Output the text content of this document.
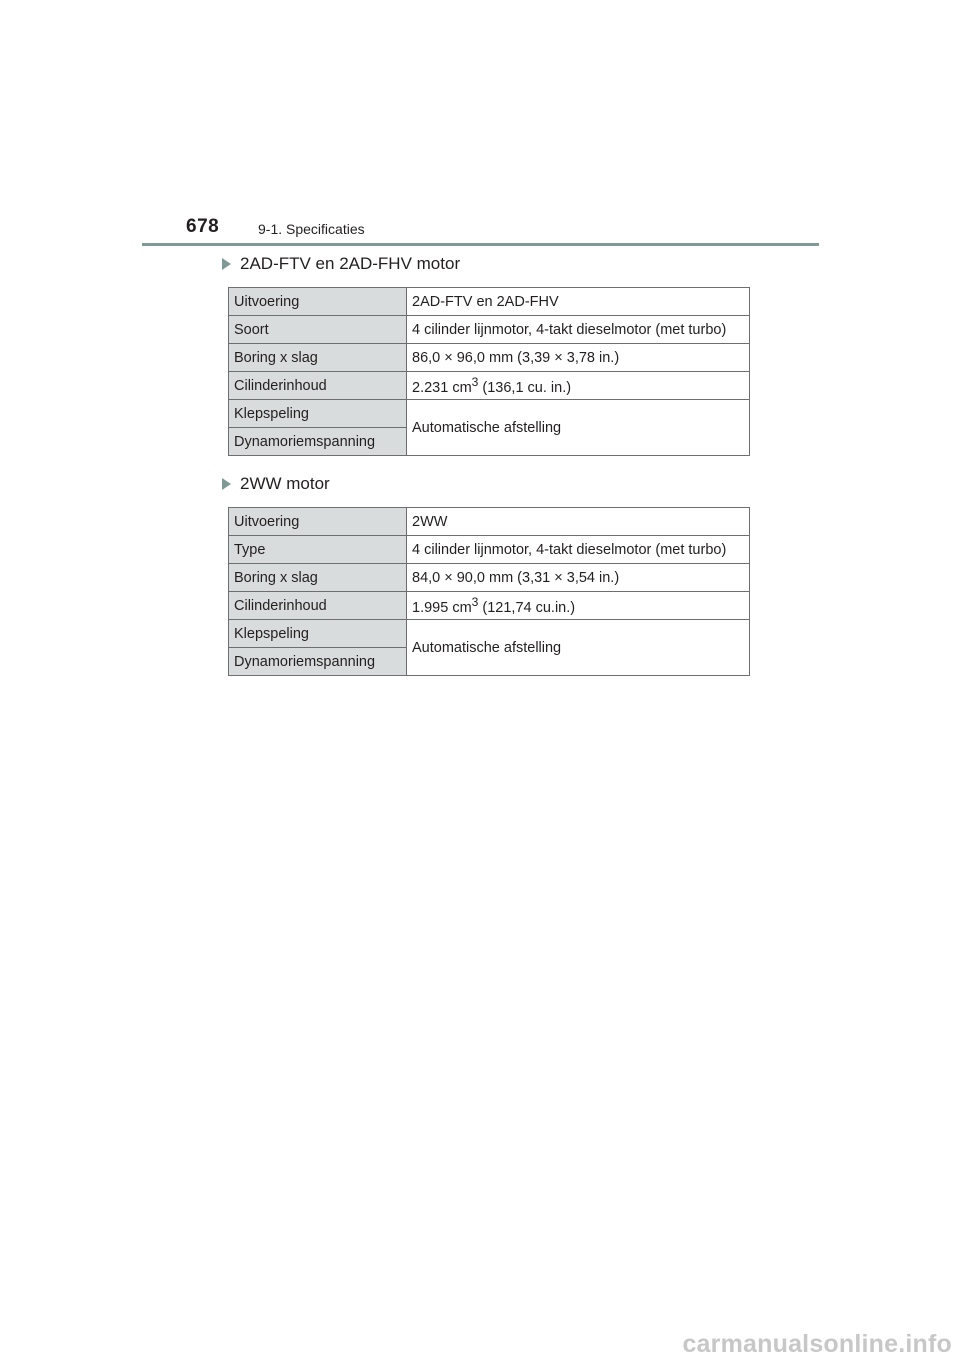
678	9-1. Specificaties
2AD-FTV en 2AD-FHV motor
Uitvoering	2AD-FTV en 2AD-FHV
Soort	4 cilinder lijnmotor, 4-takt dieselmotor (met turbo)
Boring x slag	86,0 × 96,0 mm (3,39 × 3,78 in.)
Cilinderinhoud	2.231 $cm^3$ (136,1 cu. in.)
Klepspeling	Automatische afstelling
Dynamoriemspanning	
2WW motor
Uitvoering	2WW
Type	4 cilinder lijnmotor, 4-takt dieselmotor (met turbo)
Boring x slag	84,0 × 90,0 mm (3,31 × 3,54 in.)
Cilinderinhoud	1.995 $cm^3$ (121,74 cu.in.)
Klepspeling	Automatische afstelling
Dynamoriemspanning	
carmanualsonline.info
